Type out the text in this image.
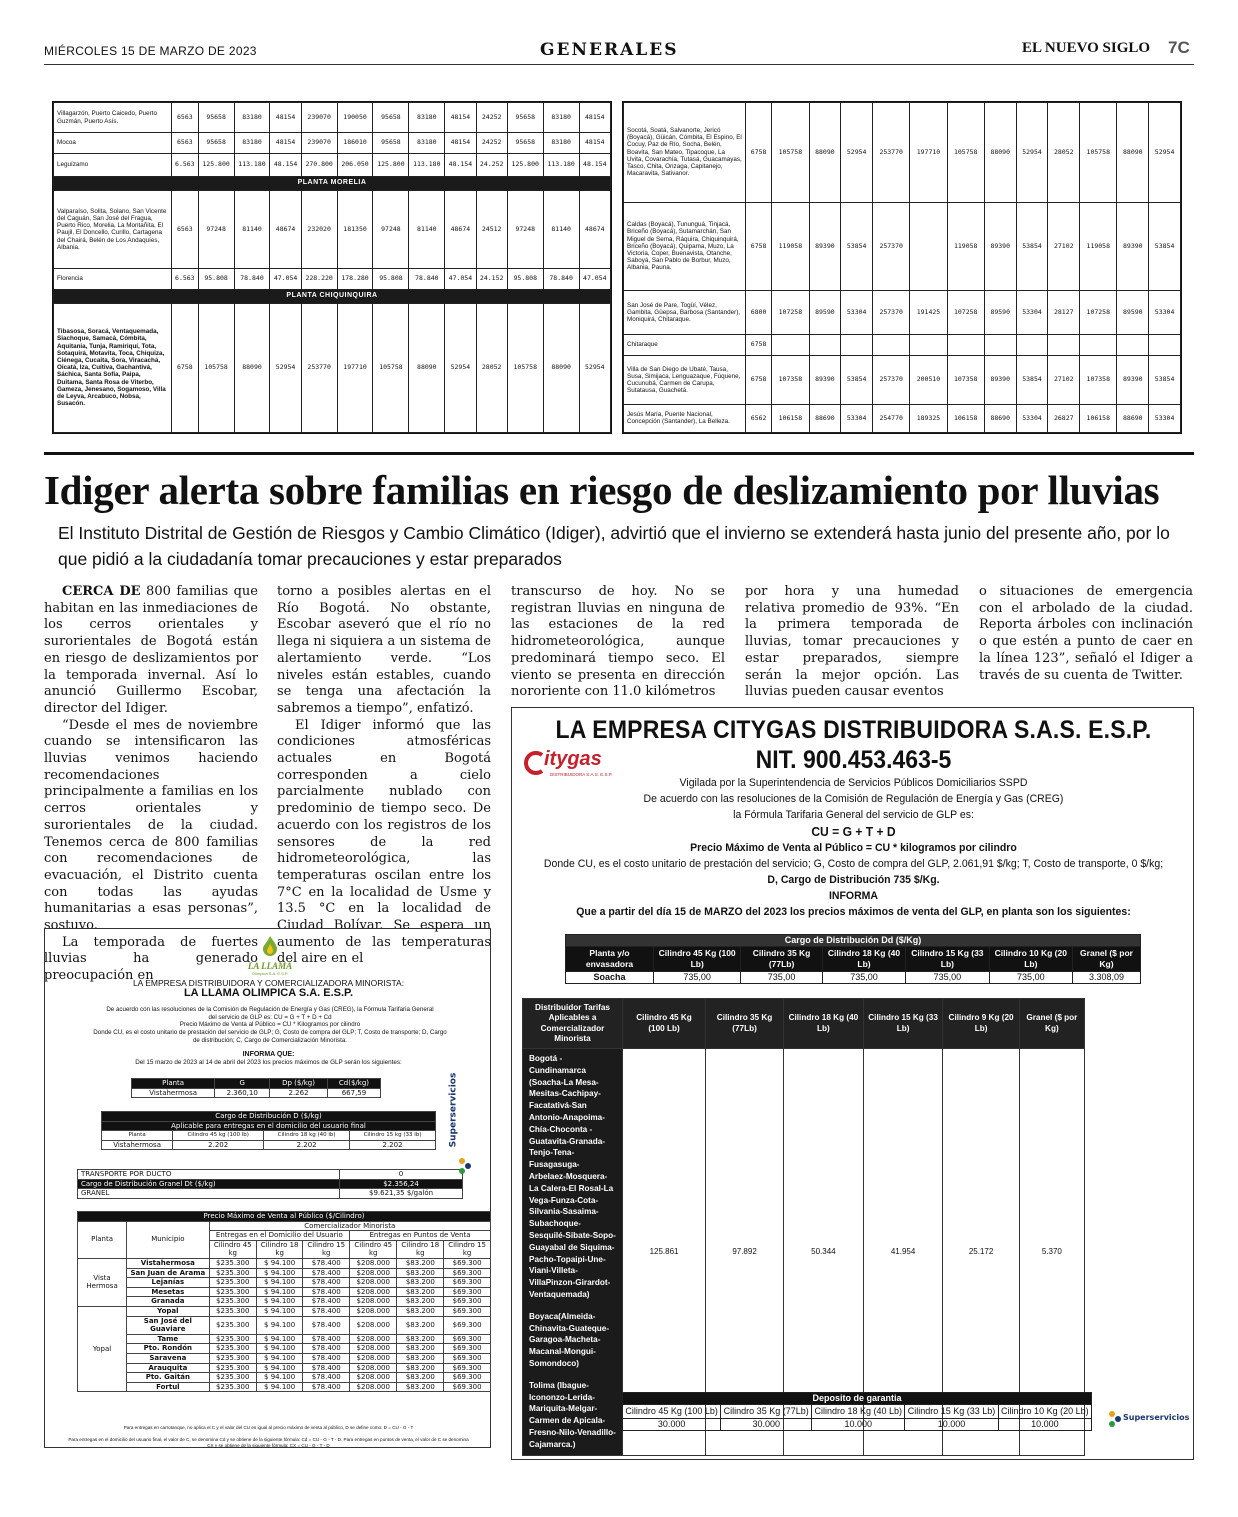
MIÉRCOLES 15 DE MARZO DE 2023	GENERALES	EL NUEVO SIGLO 7C
Villagarzón, Puerto Caicedo, Puerto Guzmán, Puerto Asís.	6563	95658	83180	48154	239070	190050	95658	83180	48154	24252	95658	83180	48154
Mocoa	6563	95658	83180	48154	239070	186010	95658	83180	48154	24252	95658	83180	48154
Leguízamo	6.563	125.800	113.180	48.154	270.800	206.050	125.800	113.180	48.154	24.252	125.800	113.180	48.154
PLANTA MORELIA													
Valparaíso, Solita, Solano, San Vicente del Caguán, San José del Fragua, Puerto Rico, Morelia, La Montañita, El Paujil, El Doncello, Curillo, Cartagena del Chairá, Belén de Los Andaquíes, Albania.	6563	97248	81140	48674	232020	181350	97248	81140	48674	24512	97248	81140	48674
Florencia	6.563	95.808	78.840	47.054	228.220	178.280	95.808	78.840	47.054	24.152	95.808	78.840	47.054
PLANTA CHIQUINQUIRA													
Tibasosa, Soracá, Ventaquemada, Siachoque, Samacá, Cómbita, Aquitania, Tunja, Ramiriquí, Tota, Sotaquirá, Motavita, Toca, Chiquiza, Ciénega, Cucaita, Sora, Viracachá, Oicatá, Iza, Cuítiva, Gachantivá, Sáchica, Santa Sofía, Paipa, Duitama, Santa Rosa de Viterbo, Gameza, Jenesano, Sogamoso, Villa de Leyva, Arcabuco, Nobsa, Susacón.	6758	105758	88090	52954	253770	197710	105758	88090	52954	28052	105758	88090	52954
Socotá, Soatá, Salvanorte, Jericó (Boyacá), Güicán, Cómbita, El Espino, El Cocuy, Paz de Río, Socha, Belén, Boavita, San Mateo, Tipacoque, La Uvita, Covarachía, Tutasá, Guacamayas, Tasco, Chita, Onzaga, Capitanejo, Macaravita, Sativanor.	6758	105758	88090	52954	253770	197710	105758	88090	52954	28052	105758	88090	52954
Caldas (Boyacá), Tununguá, Tinjacá, Briceño (Boyacá), Sutamarchán, San Miguel de Sema, Ráquira, Chiquinquirá, Briceño (Boyacá), Quipama, Muzo, La Victoria, Coper, Buenavista, Otanche, Saboyá, San Pablo de Borbur, Muzo, Albania, Pauna.	6758	119058	89390	53854	257370		119058	89390	53854	27102	119058	89390	53854
San José de Pare, Togüí, Vélez, Gambita, Güepsa, Barbosa (Santander), Moniquirá, Chitaraque.	6800	107258	89590	53304	257370	191425	107258	89590	53304	28127	107258	89590	53304
Chitaraque	6758												
Villa de San Diego de Ubaté, Tausa, Susa, Simijaca, Lenguazaque, Fúquene, Cucunubá, Carmen de Carupa, Sutatausa, Guachetá.	6758	107358	89390	53854	257370	200510	107358	89390	53854	27102	107358	89390	53854
Jesús María, Puente Nacional, Concepción (Santander), La Belleza.	6562	106158	88690	53304	254770	189325	106158	88690	53304	26827	106158	88690	53304
Idiger alerta sobre familias en riesgo de deslizamiento por lluvias
El Instituto Distrital de Gestión de Riesgos y Cambio Climático (Idiger), advirtió que el invierno se extenderá hasta junio del presente año, por lo que pidió a la ciudadanía tomar precauciones y estar preparados

CERCA DE 800 familias que habitan en las inmediaciones de los cerros orientales y surorientales de Bogotá están en riesgo de deslizamientos por la temporada invernal. Así lo anunció Guillermo Escobar, director del Idiger.

“Desde el mes de noviembre cuando se intensificaron las lluvias venimos haciendo recomendaciones principalmente a familias en los cerros orientales y surorientales de la ciudad. Tenemos cerca de 800 familias con recomendaciones de evacuación, el Distrito cuenta con todas las ayudas humanitarias a esas personas”, sostuvo.

La temporada de fuertes lluvias ha generado preocupación en

torno a posibles alertas en el Río Bogotá. No obstante, Escobar aseveró que el río no llega ni siquiera a un sistema de alertamiento verde. “Los niveles están estables, cuando se tenga una afectación la sabremos a tiempo”, enfatizó.

El Idiger informó que las condiciones atmosféricas actuales en Bogotá corresponden a cielo parcialmente nublado con predominio de tiempo seco. De acuerdo con los registros de los sensores de la red hidrometeorológica, las temperaturas oscilan entre los 7°C en la localidad de Usme y 13.5 °C en la localidad de Ciudad Bolívar. Se espera un aumento de las temperaturas del aire en el

transcurso de hoy. No se registran lluvias en ninguna de las estaciones de la red hidrometeorológica, aunque predominará tiempo seco. El viento se presenta en dirección nororiente con 11.0 kilómetros

por hora y una humedad relativa promedio de 93%. “En la primera temporada de lluvias, tomar precauciones y estar preparados, siempre serán la mejor opción. Las lluvias pueden causar eventos

o situaciones de emergencia con el arbolado de la ciudad. Reporta árboles con inclinación o que estén a punto de caer en la línea 123”, señaló el Idiger a través de su cuenta de Twitter.

LA EMPRESA CITYGAS DISTRIBUIDORA S.A.S. E.S.P.
NIT. 900.453.463-5
itygas
DISTRIBUIDORA S.A.S. E.S.P.
Vigilada por la Superintendencia de Servicios Públicos Domiciliarios SSPD
De acuerdo con las resoluciones de la Comisión de Regulación de Energía y Gas (CREG)
la Fórmula Tarifaria General del servicio de GLP es:
CU = G + T + D
Precio Máximo de Venta al Público = CU * kilogramos por cilindro
Donde CU, es el costo unitario de prestación del servicio; G, Costo de compra del GLP, 2.061,91 $/kg; T, Costo de transporte, 0 $/kg;
D, Cargo de Distribución 735 $/Kg.
INFORMA
Que a partir del día 15 de MARZO del 2023 los precios máximos de venta del GLP, en planta son los siguientes:
Cargo de Distribución Dd ($/Kg)						
Planta y/o envasadora	Cilindro 45 Kg (100 Lb)	Cilindro 35 Kg (77Lb)	Cilindro 18 Kg (40 Lb)	Cilindro 15 Kg (33 Lb)	Cilindro 10 Kg (20 Lb)	Granel ($ por Kg)
Soacha	735,00	735,00	735,00	735,00	735,00	3.308,09
Distribuidor Tarifas Aplicables a Comercializador Minorista	Cilindro 45 Kg (100 Lb)	Cilindro 35 Kg (77Lb)	Cilindro 18 Kg (40 Lb)	Cilindro 15 Kg (33 Lb)	Cilindro 9 Kg (20 Lb)	Granel ($ por Kg)

Bogotá - Cundinamarca (Soacha-La Mesa-Mesitas-Cachipay-Facatativá-San Antonio-Anapoima-Chía-Choconta -Guatavita-Granada-Tenjo-Tena-Fusagasuga-Arbelaez-Mosquera-La Calera-El Rosal-La Vega-Funza-Cota-Silvania-Sasaima-Subachoque-Sesquilé-Sibate-Sopo-Guayabal de Siquima-Pacho-Topaipi-Une-Viani-Villeta-VillaPinzon-Girardot-Ventaquemada)
Boyaca(Almeida-Chinavita-Guateque-Garagoa-Macheta-Macanal-Mongui-Somondoco)
Tolima (Ibague-Icononzo-Lerida- Mariquita-Melgar-Carmen de Apicala-Fresno-Nilo-Venadillo-Cajamarca.)	125.861	97.892	50.344	41.954	25.172	5.370
Deposito de garantia				
Cilindro 45 Kg (100 Lb)	Cilindro 35 Kg (77Lb)	Cilindro 18 Kg (40 Lb)	Cilindro 15 Kg (33 Lb)	Cilindro 10 Kg (20 Lb)
30.000	30.000	10.000	10.000	10.000
Superservicios
LA LLAMA
Olímpica S.A. E.S.P.
LA EMPRESA DISTRIBUIDORA Y COMERCIALIZADORA MINORISTA:
LA LLAMA OLIMPICA S.A. E.S.P.
De acuerdo con las resoluciones de la Comisión de Regulación de Energía y Gas (CREG), la Fórmula Tarifaria General del servicio de GLP es: CU = G + T + D + Cd
Precio Máximo de Venta al Público = CU * Kilogramos por cilindro
Donde CU, es el costo unitario de prestación del servicio de GLP; G, Costo de compra del GLP; T, Costo de transporte; D, Cargo de distribución; C, Cargo de Comercialización Minorista.
INFORMA QUE:
Del 15 marzo de 2023 al 14 de abril del 2023 los precios máximos de GLP serán los siguientes:
Planta	G	Dp ($/kg)	Cd($/kg)
Vistahermosa	2.360,10	2.262	667,59
Cargo de Distribución D ($/kg)			
Aplicable para entregas en el domicilio del usuario final			
Planta	Cilindro 45 kg (100 lb)	Cilindro 18 kg (40 lb)	Cilindro 15 kg (33 lb)
Vistahermosa	2.202	2.202	2.202
TRANSPORTE POR DUCTO	0
Cargo de Distribución Granel Dt ($/kg)	$2.356,24
GRANEL	$9.621,35 $/galón
Superservicios
Precio Máximo de Venta al Público ($/Cilindro)							
Planta	Municipio	Comercializador Minorista					
		Entregas en el Domicilio del Usuario			Entregas en Puntos de Venta		
		Cilindro 45 kg	Cilindro 18 kg	Cilindro 15 kg	Cilindro 45 kg	Cilindro 18 kg	Cilindro 15 kg

Vista Hermosa	Vistahermosa	$235.300	$ 94.100	$78.400	$208.000	$83.200	$69.300
	San Juan de Arama	$235.300	$ 94.100	$78.400	$208.000	$83.200	$69.300
	Lejanías	$235.300	$ 94.100	$78.400	$208.000	$83.200	$69.300
	Mesetas	$235.300	$ 94.100	$78.400	$208.000	$83.200	$69.300
	Granada	$235.300	$ 94.100	$78.400	$208.000	$83.200	$69.300
Yopal	Yopal	$235.300	$ 94.100	$78.400	$208.000	$83.200	$69.300
	San José del Guaviare	$235.300	$ 94.100	$78.400	$208.000	$83.200	$69.300
	Tame	$235.300	$ 94.100	$78.400	$208.000	$83.200	$69.300
	Pto. Rondón	$235.300	$ 94.100	$78.400	$208.000	$83.200	$69.300
	Saravena	$235.300	$ 94.100	$78.400	$208.000	$83.200	$69.300
	Arauquita	$235.300	$ 94.100	$78.400	$208.000	$83.200	$69.300
	Pto. Gaitán	$235.300	$ 94.100	$78.400	$208.000	$83.200	$69.300
	Fortul	$235.300	$ 94.100	$78.400	$208.000	$83.200	$69.300
Para entregas en carrotanque, no aplica el C y el valor del CU es igual al precio máximo de venta al público, D se define como: D = CU - G - T
Para entregas en el domicilio del usuario final, el valor de C, se denomina Cd y se obtiene de la siguiente fórmula: Cd = CU - G - T - D. Para entregas en puntos de venta, el valor de C se denomina CX y se obtiene de la siguiente fórmula: CX = CU - G - T - D
